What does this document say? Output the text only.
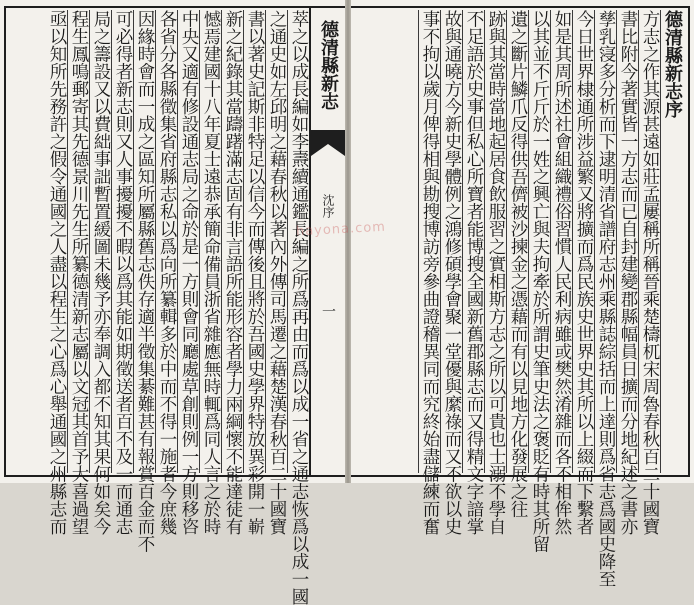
德清縣新志序
方志之作其源甚遠如莊孟屢稱所稱晉乘楚檮杌宋周魯春秋百二十國寶
書比附今著實皆一方志而已自封建變郡縣幅員日擴而分地紀述之書亦
孳乳寖多分析而下逮明清省譜府志州乘縣誌綜括而上達則爲省志爲國史降至
今日世界棣通所涉益繁又將擴而爲民族史世界史其所以上綴而下繫者
如是其周所述社會組織禮俗習慣人民利病雖或樊然淆雜而各不相侔然
以其並不斤斤於一姓之興亡與夫拘牽於所謂史筆史法之褒貶有時其所留
遺之斷片鱗爪反得供吾儕被沙揀金之憑藉而有以見地方化發展之往
跡與其當時當地起居食飲服習之實相斯方志之所以可貴也士溺不學自
不足語於史事但私心所寶者能博搜全國新舊郡縣志而又得精文字諳掌
故與通曉方今新史學體例之鴻修碩學會聚一堂優與縻祿而又不欲以史
事不拘以歲月俾得相與勘搜博訪旁參曲證稽異同而究終始盡儲練而奮
德清縣新志
沈序
一
萃之以成長編如李燾續通鑑長編之所爲再由而爲以成一省之通志恢爲以成一國
之通史如左邱明之藉春秋以著內外傳司馬遷之藉楚漢春秋百二十國寶
書以著史記斯非特足以信今而傳後且將於吾國史學界特放異彩開一嶄
新之紀錄其當躊躇滿志固有非言語所能形容者學力兩綱懷不能達徒有
憾焉建國十八年夏士遠恭承簡命備員浙省雜應無時輒爲同人言之於時
中央又適有修設通志局之命於是一方則會同廳處草創則例一方則移咨
各省分各縣徵集省府縣志私以爲向所纂輯多於中而不得一施者今庶幾
因緣時會而一成之區知所屬縣舊志佚存適半徵集綦難甚有報賞百金而不
可必得者新志則又人事擾擾不暇以爲其能如期徵送者百不及一而通志
局之籌設又以費絀事詘暫置緩圖未幾予亦奉調入都不知其果何如矣今
程生鳳鳴郵寄其先德景川先生所纂德清新志屬以文冠其首予大喜過望
亟以知所先務許之假令通國之人盡以程生之心爲心舉通國之州縣志而	hayona.com
